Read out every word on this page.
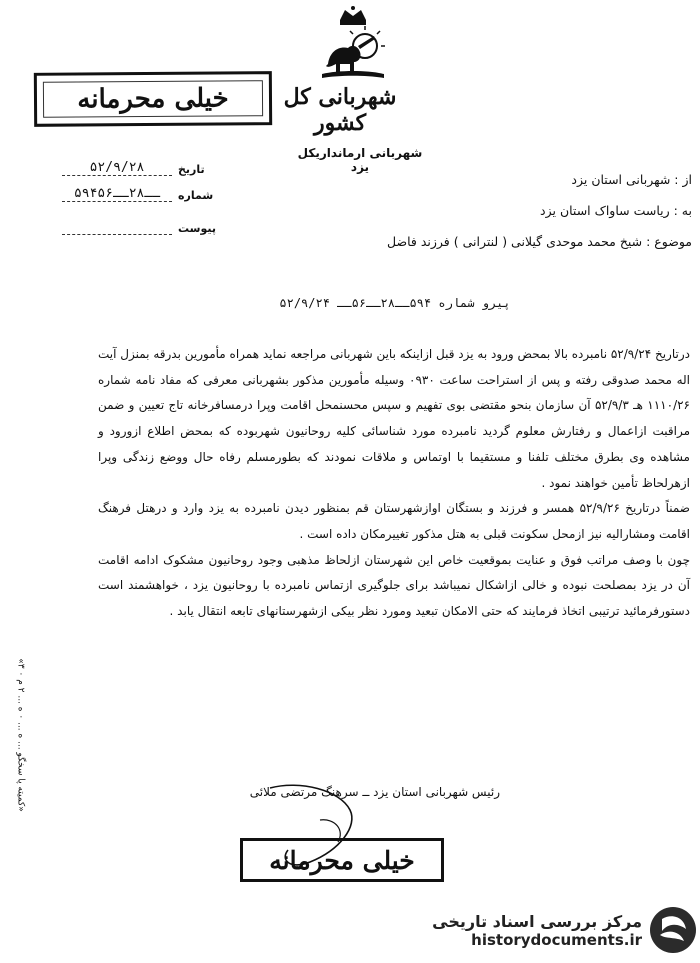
شهربانی کل کشور
شهربانی ارمانداریکل یزد
خیلی محرمانه
تاریخ
۵۲/۹/۲۸
شماره
۵۹۴ــ۲۸ــ۵۶
پیوست
از : شهربانی استان یزد
به : ریاست ساواک استان یزد
موضوع : شیخ محمد موحدی گیلانی ( لنترانی ) فرزند فاضل
پیرو شماره ۵۹۴ــ۲۸ــ۵۶ــ ۵۲/۹/۲۴

درتاریخ ۵۲/۹/۲۴ نامبرده بالا بمحض ورود به یزد قبل ازاینکه باین شهربانی مراجعه نماید همراه مأمورین بدرقه بمنزل آیت اله محمد صدوقی رفته و پس از استراحت ساعت ۰۹۳۰ وسیله مأمورین مذکور بشهربانی معرفی که مفاد نامه شماره ۱۱۱۰/۲۶ هـ ۵۲/۹/۳ آن سازمان بنحو مقتضی بوی تفهیم و سپس محسنمحل اقامت وپرا درمسافرخانه تاج تعیین و ضمن مراقبت ازاعمال و رفتارش معلوم گردید نامبرده مورد شناسائی کلیه روحانیون شهربوده که بمحض اطلاع ازورود و مشاهده وی بطرق مختلف تلفنا و مستقیما با اوتماس و ملاقات نمودند که بطورمسلم رفاه حال ووضع زندگی وپرا ازهرلحاظ تأمین خواهند نمود .

ضمناً درتاریخ ۵۲/۹/۲۶ همسر و فرزند و بستگان اوازشهرستان قم بمنظور دیدن نامبرده به یزد وارد و درهتل فرهنگ اقامت ومشارالیه نیز ازمحل سکونت قبلی به هتل مذکور تغییرمکان داده است .

چون با وصف مراتب فوق و عنایت بموقعیت خاص این شهرستان ازلحاظ مذهبی وجود روحانیون مشکوک ادامه اقامت آن در یزد بمصلحت نبوده و خالی ازاشکال نمیباشد برای جلوگیری ازتماس نامبرده با روحانیون یزد ، خواهشمند است دستورفرمائید ترتیبی اتخاذ فرمایند که حتی الامکان تبعید ومورد نظر بیکی ازشهرستانهای تابعه انتقال یابد .

رئیس شهربانی استان یزد ــ سرهنگ مرتضی ملائی
خیلی محرمانه
«کمیته پا سخگو ... ه ... ۰ ه ... ۲ م ۰ ۳»
مرکز بررسی اسناد تاریخی
historydocuments.ir
